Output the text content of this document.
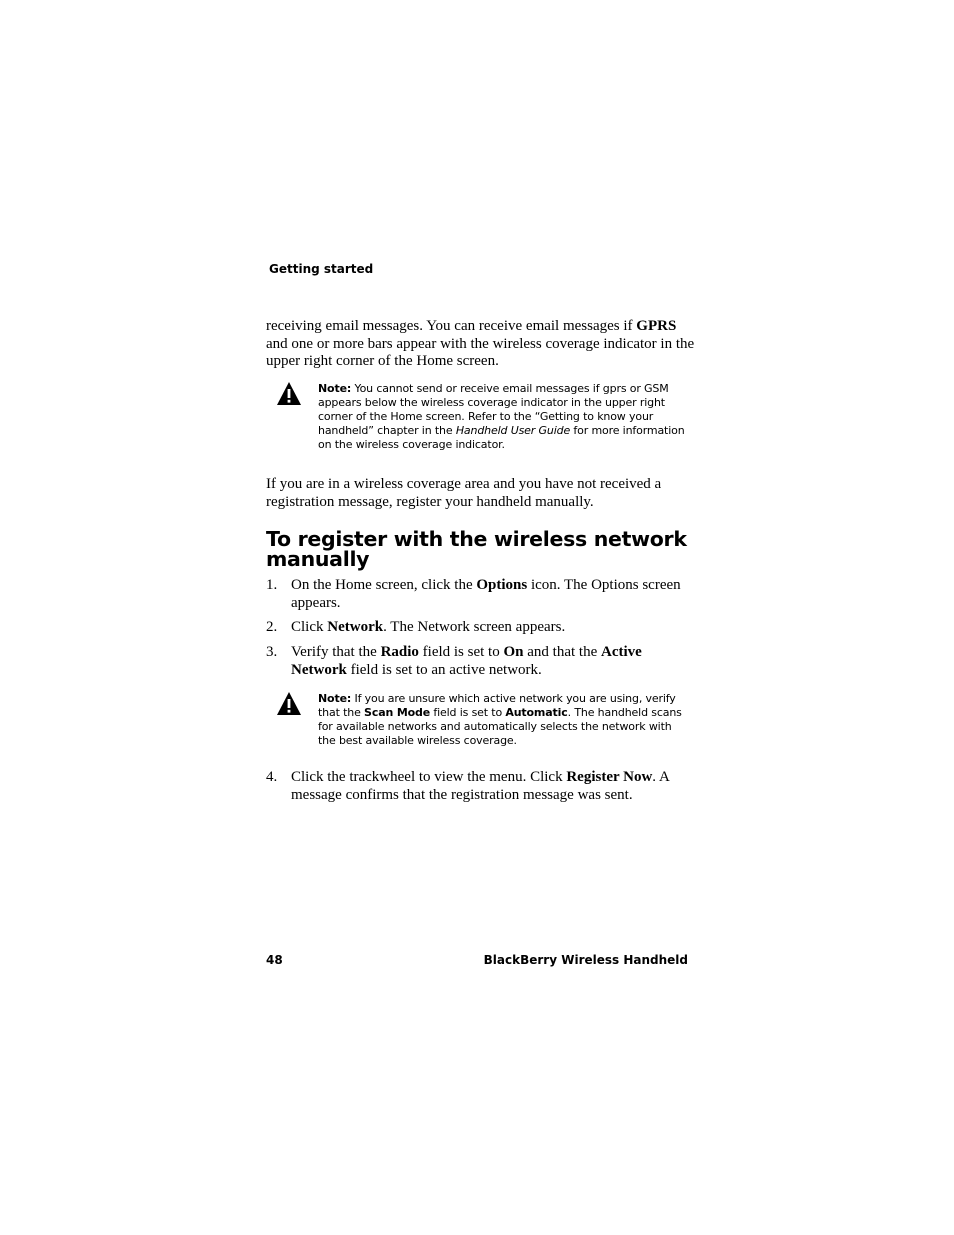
Getting started

receiving email messages. You can receive email messages if GPRS and one or more bars appear with the wireless coverage indicator in the upper right corner of the Home screen.

Note: You cannot send or receive email messages if gprs or GSM appears below the wireless coverage indicator in the upper right corner of the Home screen. Refer to the “Getting to know your handheld” chapter in the Handheld User Guide for more information on the wireless coverage indicator.

If you are in a wireless coverage area and you have not received a registration message, register your handheld manually.

To register with the wireless network manually
1. On the Home screen, click the Options icon. The Options screen appears.
2. Click Network. The Network screen appears.
3. Verify that the Radio field is set to On and that the Active Network field is set to an active network.

Note: If you are unsure which active network you are using, verify that the Scan Mode field is set to Automatic. The handheld scans for available networks and automatically selects the network with the best available wireless coverage.

4. Click the trackwheel to view the menu. Click Register Now. A message confirms that the registration message was sent.
48	BlackBerry Wireless Handheld
